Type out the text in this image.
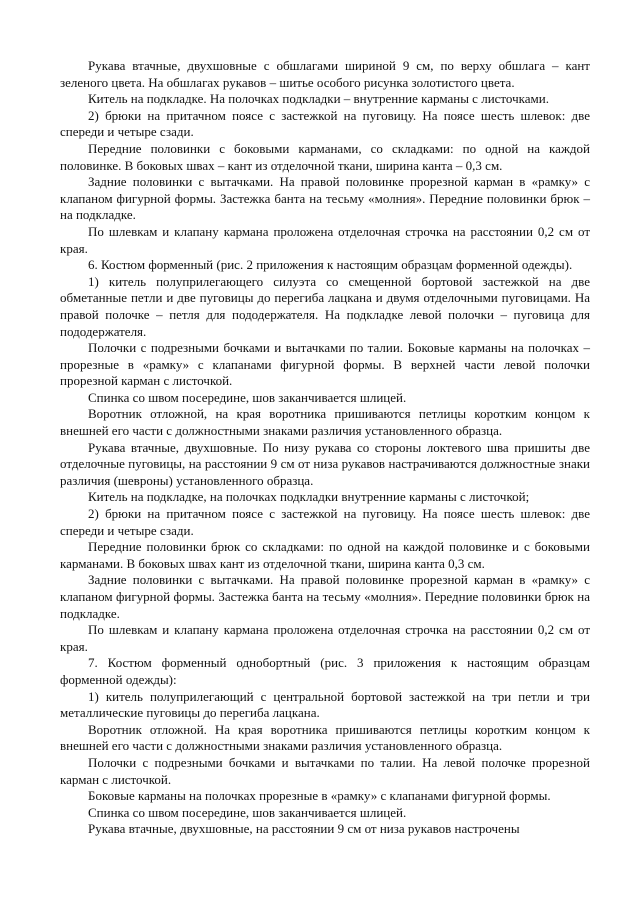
Рукава втачные, двухшовные с обшлагами шириной 9 см, по верху обшлага – кант зеленого цвета. На обшлагах рукавов – шитье особого рисунка золотистого цвета.

Китель на подкладке. На полочках подкладки – внутренние карманы с листочками.

2) брюки на притачном поясе с застежкой на пуговицу. На поясе шесть шлевок: две спереди и четыре сзади.

Передние половинки с боковыми карманами, со складками: по одной на каждой половинке. В боковых швах – кант из отделочной ткани, ширина канта – 0,3 см.

Задние половинки с вытачками. На правой половинке прорезной карман в «рамку» с клапаном фигурной формы. Застежка банта на тесьму «молния». Передние половинки брюк – на подкладке.

По шлевкам и клапану кармана проложена отделочная строчка на расстоянии 0,2 см от края.

6. Костюм форменный (рис. 2 приложения к настоящим образцам форменной одежды).

1) китель полуприлегающего силуэта со смещенной бортовой застежкой на две обметанные петли и две пуговицы до перегиба лацкана и двумя отделочными пуговицами. На правой полочке – петля для пододержателя. На подкладке левой полочки – пуговица для пододержателя.

Полочки с подрезными бочками и вытачками по талии. Боковые карманы на полочках – прорезные в «рамку» с клапанами фигурной формы. В верхней части левой полочки прорезной карман с листочкой.

Спинка со швом посередине, шов заканчивается шлицей.

Воротник отложной, на края воротника пришиваются петлицы коротким концом к внешней его части с должностными знаками различия установленного образца.

Рукава втачные, двухшовные. По низу рукава со стороны локтевого шва пришиты две отделочные пуговицы, на расстоянии 9 см от низа рукавов настрачиваются должностные знаки различия (шевроны) установленного образца.

Китель на подкладке, на полочках подкладки внутренние карманы с листочкой;

2) брюки на притачном поясе с застежкой на пуговицу. На поясе шесть шлевок: две спереди и четыре сзади.

Передние половинки брюк со складками: по одной на каждой половинке и с боковыми карманами. В боковых швах кант из отделочной ткани, ширина канта 0,3 см.

Задние половинки с вытачками. На правой половинке прорезной карман в «рамку» с клапаном фигурной формы. Застежка банта на тесьму «молния». Передние половинки брюк на подкладке.

По шлевкам и клапану кармана проложена отделочная строчка на расстоянии 0,2 см от края.

7. Костюм форменный однобортный (рис. 3 приложения к настоящим образцам форменной одежды):

1) китель полуприлегающий с центральной бортовой застежкой на три петли и три металлические пуговицы до перегиба лацкана.

Воротник отложной. На края воротника пришиваются петлицы коротким концом к внешней его части с должностными знаками различия установленного образца.

Полочки с подрезными бочками и вытачками по талии. На левой полочке прорезной карман с листочкой.

Боковые карманы на полочках прорезные в «рамку» с клапанами фигурной формы.

Спинка со швом посередине, шов заканчивается шлицей.

Рукава втачные, двухшовные, на расстоянии 9 см от низа рукавов настрочены
